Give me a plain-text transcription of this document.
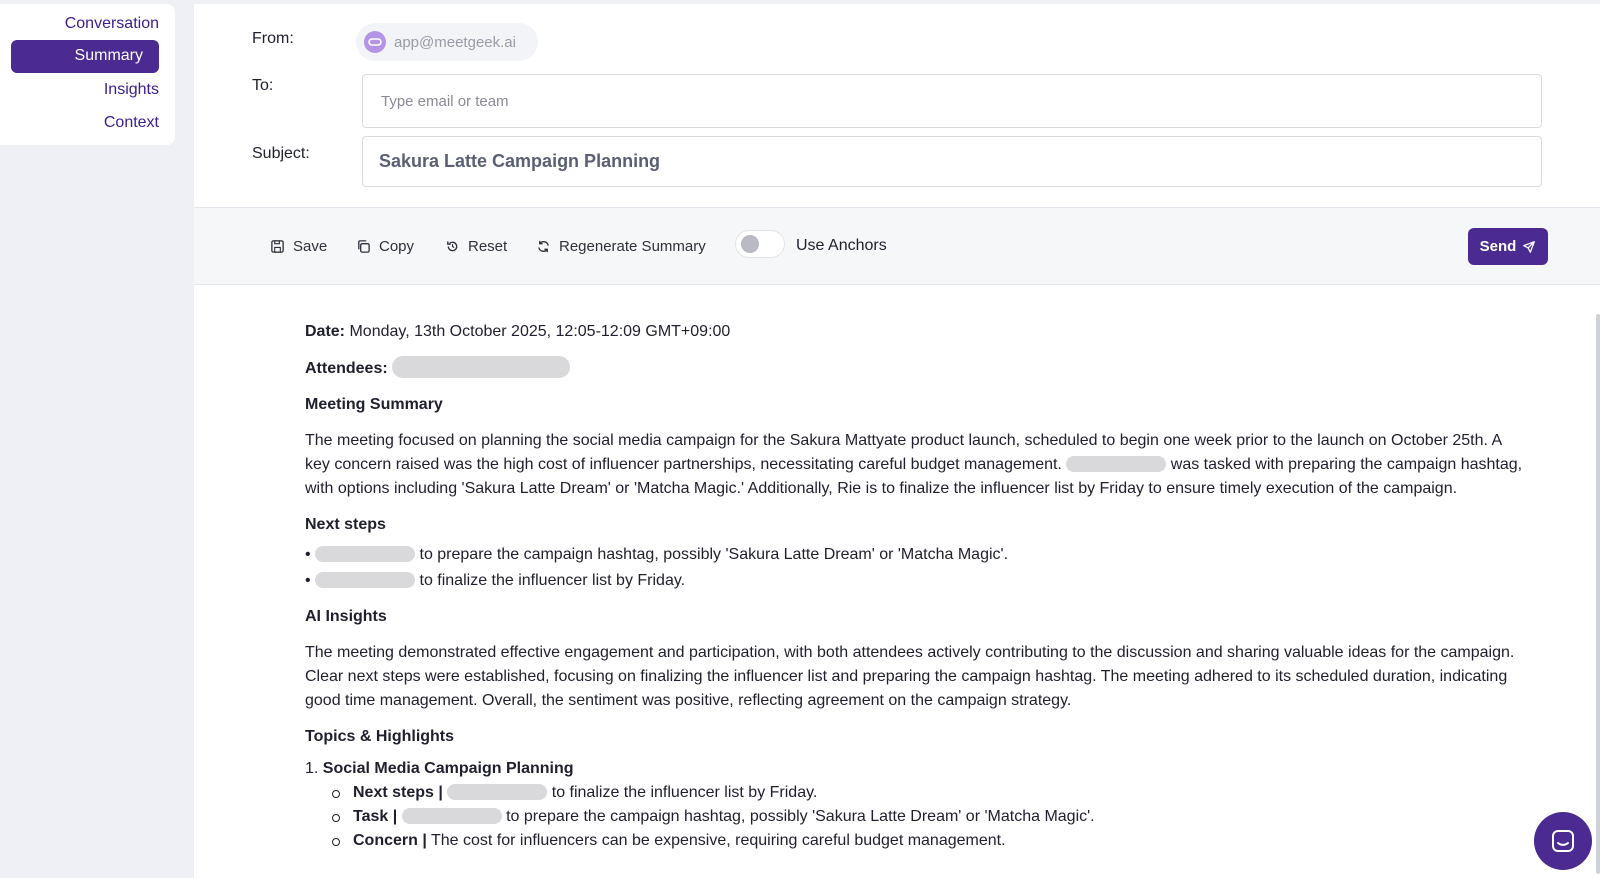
Conversation
Summary
Insights
Context
From:	app@meetgeek.ai
To:
Type email or team
Subject:
Sakura Latte Campaign Planning
Save	Copy	Reset	Regenerate Summary	Use Anchors	Send
Date: Monday, 13th October 2025, 12:05-12:09 GMT+09:00
Attendees:
Meeting Summary
The meeting focused on planning the social media campaign for the Sakura Mattyate product launch, scheduled to begin one week prior to the launch on October 25th. A key concern raised was the high cost of influencer partnerships, necessitating careful budget management.	was tasked with preparing the campaign hashtag, with options including 'Sakura Latte Dream' or 'Matcha Magic.' Additionally, Rie is to finalize the influencer list by Friday to ensure timely execution of the campaign.
Next steps
•	to prepare the campaign hashtag, possibly 'Sakura Latte Dream' or 'Matcha Magic'.
•	to finalize the influencer list by Friday.
AI Insights
The meeting demonstrated effective engagement and participation, with both attendees actively contributing to the discussion and sharing valuable ideas for the campaign. Clear next steps were established, focusing on finalizing the influencer list and preparing the campaign hashtag. The meeting adhered to its scheduled duration, indicating good time management. Overall, the sentiment was positive, reflecting agreement on the campaign strategy.
Topics & Highlights
1. Social Media Campaign Planning
Next steps |	to finalize the influencer list by Friday.
Task |	to prepare the campaign hashtag, possibly 'Sakura Latte Dream' or 'Matcha Magic'.
Concern | The cost for influencers can be expensive, requiring careful budget management.
